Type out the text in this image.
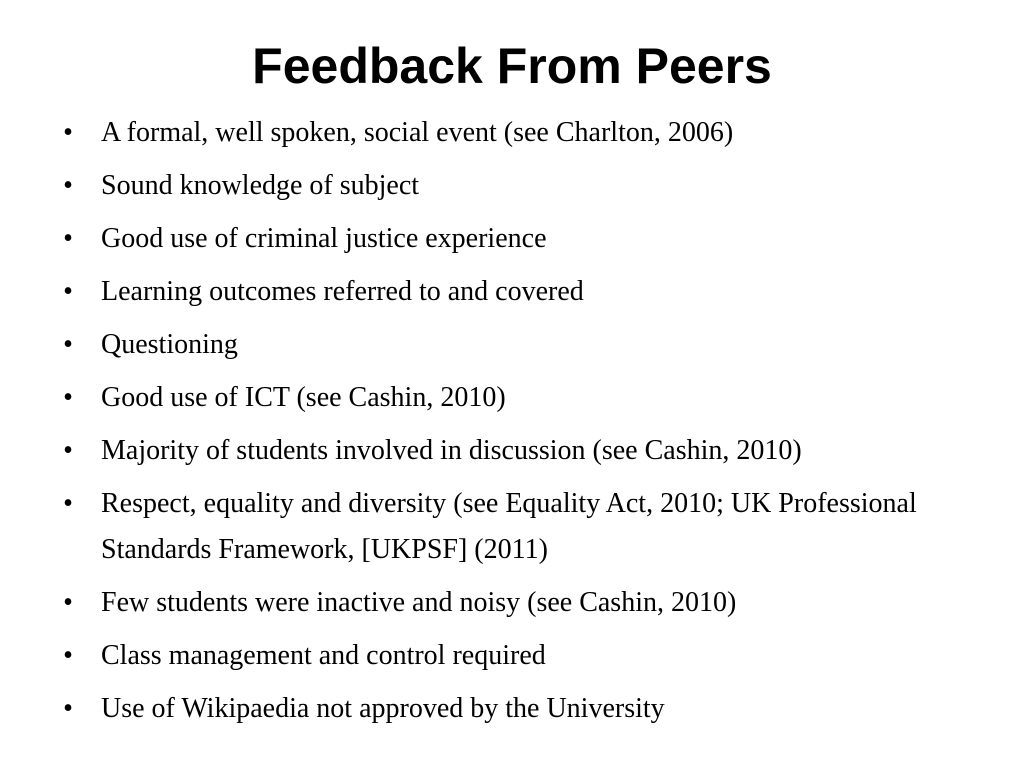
Feedback From Peers
• A formal, well spoken, social event (see Charlton, 2006)
• Sound knowledge of subject
• Good use of criminal justice experience
• Learning outcomes referred to and covered
• Questioning
• Good use of ICT (see Cashin, 2010)
• Majority of students involved in discussion (see Cashin, 2010)
• Respect, equality and diversity (see Equality Act, 2010; UK Professional Standards Framework, [UKPSF] (2011)
• Few students were inactive and noisy (see Cashin, 2010)
• Class management and control required
• Use of Wikipaedia not approved by the University
